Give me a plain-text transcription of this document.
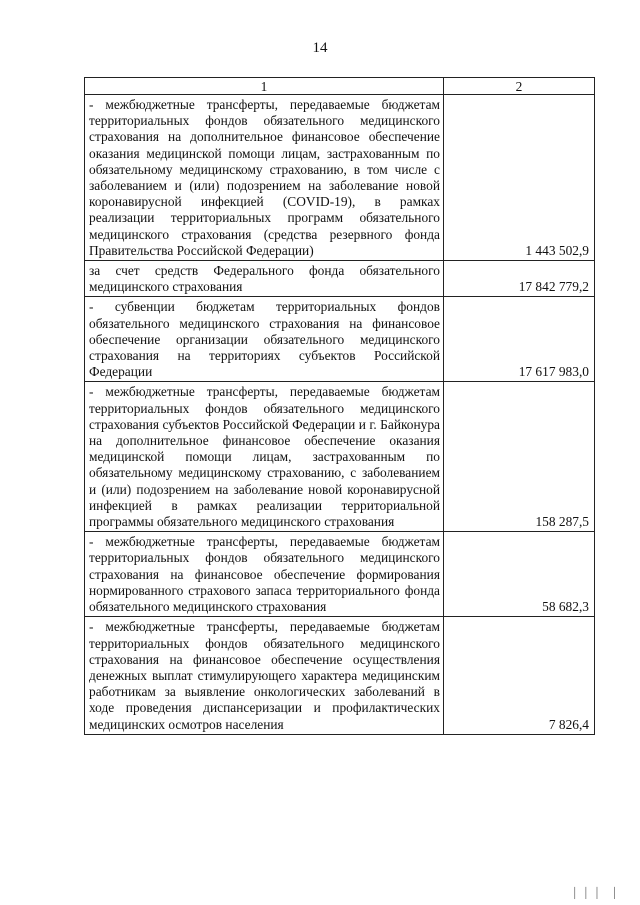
14
1	2
- межбюджетные трансферты, передаваемые бюджетам территориальных фондов обязательного медицинского страхования на дополнительное финансовое обеспечение оказания медицинской помощи лицам, застрахованным по обязательному медицинскому страхованию, в том числе с заболеванием и (или) подозрением на заболевание новой коронавирусной инфекцией (COVID-19), в рамках реализации территориальных программ обязательного медицинского страхования (средства резервного фонда Правительства Российской Федерации)	1 443 502,9
за счет средств Федерального фонда обязательного медицинского страхования	17 842 779,2
- субвенции бюджетам территориальных фондов обязательного медицинского страхования на финансовое обеспечение организации обязательного медицинского страхования на территориях субъектов Российской Федерации	17 617 983,0
- межбюджетные трансферты, передаваемые бюджетам территориальных фондов обязательного медицинского страхования субъектов Российской Федерации и г. Байконура на дополнительное финансовое обеспечение оказания медицинской помощи лицам, застрахованным по обязательному медицинскому страхованию, с заболеванием и (или) подозрением на заболевание новой коронавирусной инфекцией в рамках реализации территориальной программы обязательного медицинского страхования	158 287,5
- межбюджетные трансферты, передаваемые бюджетам территориальных фондов обязательного медицинского страхования на финансовое обеспечение формирования нормированного страхового запаса территориального фонда обязательного медицинского страхования	58 682,3
- межбюджетные трансферты, передаваемые бюджетам территориальных фондов обязательного медицинского страхования на финансовое обеспечение осуществления денежных выплат стимулирующего характера медицинским работникам за выявление онкологических заболеваний в ходе проведения диспансеризации и профилактических медицинских осмотров населения	7 826,4
│││ │
